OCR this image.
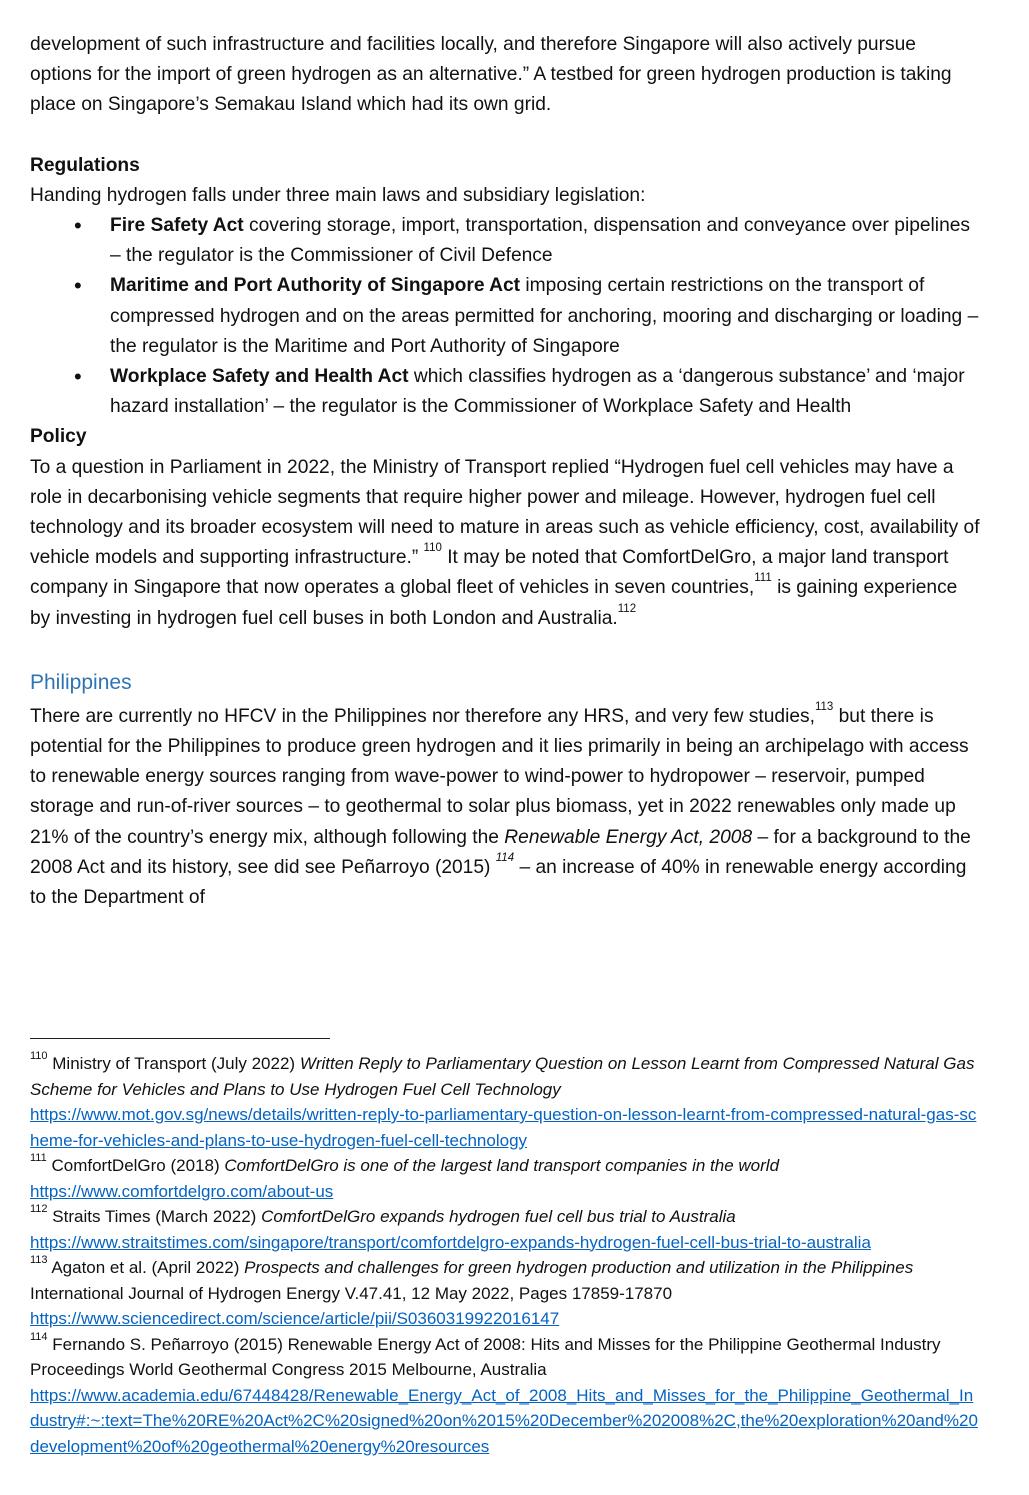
development of such infrastructure and facilities locally, and therefore Singapore will also actively pursue options for the import of green hydrogen as an alternative.” A testbed for green hydrogen production is taking place on Singapore’s Semakau Island which had its own grid.

Regulations

Handing hydrogen falls under three main laws and subsidiary legislation:

• Fire Safety Act covering storage, import, transportation, dispensation and conveyance over pipelines – the regulator is the Commissioner of Civil Defence
• Maritime and Port Authority of Singapore Act imposing certain restrictions on the transport of compressed hydrogen and on the areas permitted for anchoring, mooring and discharging or loading – the regulator is the Maritime and Port Authority of Singapore
• Workplace Safety and Health Act which classifies hydrogen as a ‘dangerous substance’ and ‘major hazard installation’ – the regulator is the Commissioner of Workplace Safety and Health

Policy

To a question in Parliament in 2022, the Ministry of Transport replied “Hydrogen fuel cell vehicles may have a role in decarbonising vehicle segments that require higher power and mileage. However, hydrogen fuel cell technology and its broader ecosystem will need to mature in areas such as vehicle efficiency, cost, availability of vehicle models and supporting infrastructure.” $^{110}$ It may be noted that ComfortDelGro, a major land transport company in Singapore that now operates a global fleet of vehicles in seven countries,$^{111}$ is gaining experience by investing in hydrogen fuel cell buses in both London and Australia.$^{112}$

Philippines

There are currently no HFCV in the Philippines nor therefore any HRS, and very few studies,$^{113}$ but there is potential for the Philippines to produce green hydrogen and it lies primarily in being an archipelago with access to renewable energy sources ranging from wave-power to wind-power to hydropower – reservoir, pumped storage and run-of-river sources – to geothermal to solar plus biomass, yet in 2022 renewables only made up 21% of the country’s energy mix, although following the Renewable Energy Act, 2008 – for a background to the 2008 Act and its history, see did see Peñarroyo (2015) $^{114}$ – an increase of 40% in renewable energy according to the Department of

$^{110}$ Ministry of Transport (July 2022) Written Reply to Parliamentary Question on Lesson Learnt from Compressed Natural Gas Scheme for Vehicles and Plans to Use Hydrogen Fuel Cell Technology
https://www.mot.gov.sg/news/details/written-reply-to-parliamentary-question-on-lesson-learnt-from-compressed-natural-gas-scheme-for-vehicles-and-plans-to-use-hydrogen-fuel-cell-technology

$^{111}$ ComfortDelGro (2018) ComfortDelGro is one of the largest land transport companies in the world
https://www.comfortdelgro.com/about-us

$^{112}$ Straits Times (March 2022) ComfortDelGro expands hydrogen fuel cell bus trial to Australia
https://www.straitstimes.com/singapore/transport/comfortdelgro-expands-hydrogen-fuel-cell-bus-trial-to-australia

$^{113}$ Agaton et al. (April 2022) Prospects and challenges for green hydrogen production and utilization in the Philippines International Journal of Hydrogen Energy V.47.41, 12 May 2022, Pages 17859-17870
https://www.sciencedirect.com/science/article/pii/S0360319922016147

$^{114}$ Fernando S. Peñarroyo (2015) Renewable Energy Act of 2008: Hits and Misses for the Philippine Geothermal Industry Proceedings World Geothermal Congress 2015 Melbourne, Australia
https://www.academia.edu/67448428/Renewable_Energy_Act_of_2008_Hits_and_Misses_for_the_Philippine_Geothermal_Industry#:~:text=The%20RE%20Act%2C%20signed%20on%2015%20December%202008%2C,the%20exploration%20and%20development%20of%20geothermal%20energy%20resources
